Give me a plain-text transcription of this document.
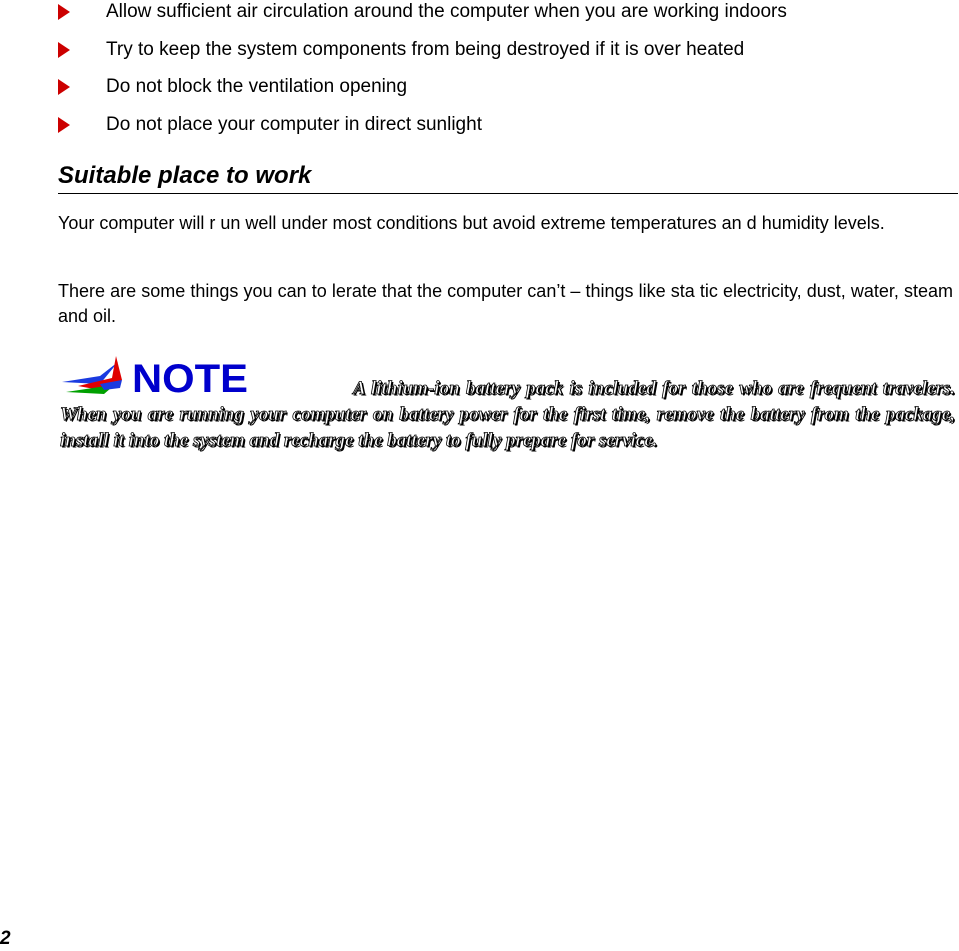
Allow sufficient air circulation around the computer when you are working indoors
Try to keep the system components from being destroyed if it is over heated
Do not block the ventilation opening
Do not place your computer in direct sunlight
Suitable place to work

Your computer will r un well under most conditions but avoid extreme temperatures an d humidity levels.

There are some things you can to lerate that the computer can’t – things like sta tic electricity, dust, water, steam and oil.

NOTE	A lithium-ion battery pack is included for those who are frequent travelers. When you are running your computer on battery power for the first time, remove the battery from the package, install it into the system and recharge the battery to fully prepare for service.

2
